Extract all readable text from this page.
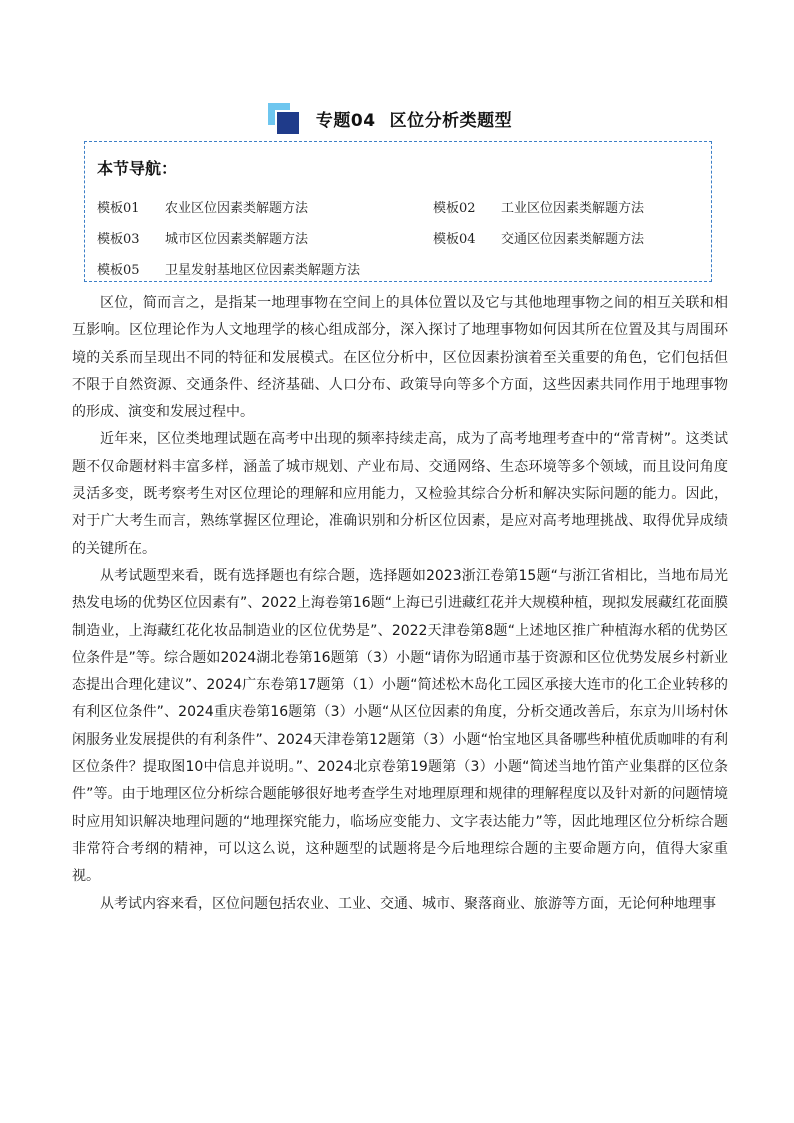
专题04 区位分析类题型
本节导航：
模板01 农业区位因素类解题方法	模板02 工业区位因素类解题方法
模板03 城市区位因素类解题方法	模板04 交通区位因素类解题方法
模板05 卫星发射基地区位因素类解题方法

区位，简而言之，是指某一地理事物在空间上的具体位置以及它与其他地理事物之间的相互关联和相互影响。区位理论作为人文地理学的核心组成部分，深入探讨了地理事物如何因其所在位置及其与周围环境的关系而呈现出不同的特征和发展模式。在区位分析中，区位因素扮演着至关重要的角色，它们包括但不限于自然资源、交通条件、经济基础、人口分布、政策导向等多个方面，这些因素共同作用于地理事物的形成、演变和发展过程中。

近年来，区位类地理试题在高考中出现的频率持续走高，成为了高考地理考查中的“常青树”。这类试题不仅命题材料丰富多样，涵盖了城市规划、产业布局、交通网络、生态环境等多个领域，而且设问角度灵活多变，既考察考生对区位理论的理解和应用能力，又检验其综合分析和解决实际问题的能力。因此，对于广大考生而言，熟练掌握区位理论，准确识别和分析区位因素，是应对高考地理挑战、取得优异成绩的关键所在。

从考试题型来看，既有选择题也有综合题，选择题如2023浙江卷第15题“与浙江省相比，当地布局光热发电场的优势区位因素有”、2022上海卷第16题“上海已引进藏红花并大规模种植，现拟发展藏红花面膜制造业，上海藏红花化妆品制造业的区位优势是”、2022天津卷第8题“上述地区推广种植海水稻的优势区位条件是”等。综合题如2024湖北卷第16题第（3）小题“请你为昭通市基于资源和区位优势发展乡村新业态提出合理化建议”、2024广东卷第17题第（1）小题“简述松木岛化工园区承接大连市的化工企业转移的有利区位条件”、2024重庆卷第16题第（3）小题“从区位因素的角度，分析交通改善后，东京为川场村休闲服务业发展提供的有利条件”、2024天津卷第12题第（3）小题“怡宝地区具备哪些种植优质咖啡的有利区位条件？提取图10中信息并说明。”、2024北京卷第19题第（3）小题“简述当地竹笛产业集群的区位条件”等。由于地理区位分析综合题能够很好地考查学生对地理原理和规律的理解程度以及针对新的问题情境时应用知识解决地理问题的“地理探究能力，临场应变能力、文字表达能力”等，因此地理区位分析综合题非常符合考纲的精神，可以这么说，这种题型的试题将是今后地理综合题的主要命题方向，值得大家重视。

从考试内容来看，区位问题包括农业、工业、交通、城市、聚落商业、旅游等方面，无论何种地理事
